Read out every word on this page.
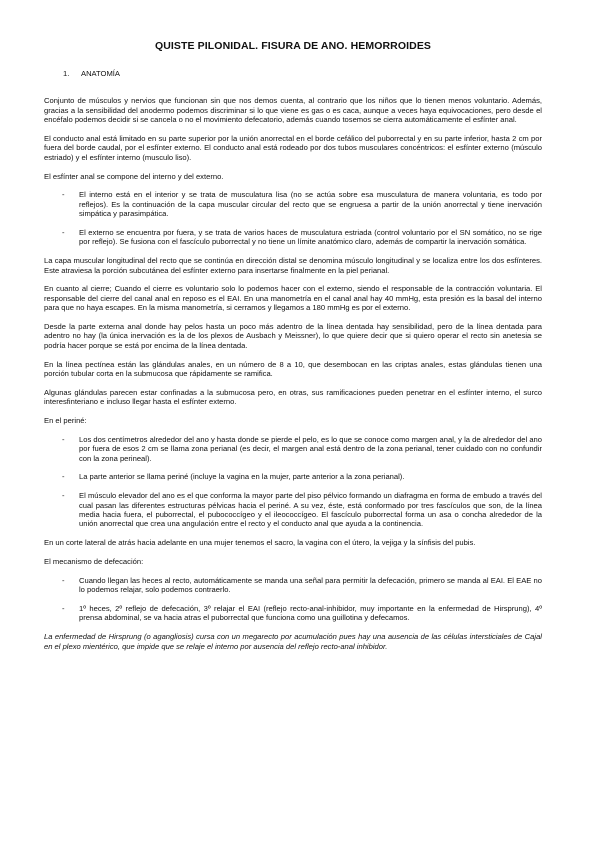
QUISTE PILONIDAL. FISURA DE ANO. HEMORROIDES
1. ANATOMÍA

Conjunto de músculos y nervios que funcionan sin que nos demos cuenta, al contrario que los niños que lo tienen menos voluntario. Además, gracias a la sensibilidad del anodermo podemos discriminar si lo que viene es gas o es caca, aunque a veces haya equivocaciones, pero desde el encéfalo podemos decidir si se cancela o no el movimiento defecatorio, además cuando tosemos se cierra automáticamente el esfínter anal.

El conducto anal está limitado en su parte superior por la unión anorrectal en el borde cefálico del puborrectal y en su parte inferior, hasta 2 cm por fuera del borde caudal, por el esfínter externo. El conducto anal está rodeado por dos tubos musculares concéntricos: el esfínter externo (músculo estriado) y el esfínter interno (musculo liso).

El esfínter anal se compone del interno y del externo.

- El interno está en el interior y se trata de musculatura lisa (no se actúa sobre esa musculatura de manera voluntaria, es todo por reflejos). Es la continuación de la capa muscular circular del recto que se engruesa a partir de la unión anorrectal y tiene inervación simpática y parasimpática.
- El externo se encuentra por fuera, y se trata de varios haces de musculatura estriada (control voluntario por el SN somático, no se rige por reflejo). Se fusiona con el fascículo puborrectal y no tiene un límite anatómico claro, además de compartir la inervación somática.

La capa muscular longitudinal del recto que se continúa en dirección distal se denomina músculo longitudinal y se localiza entre los dos esfínteres. Este atraviesa la porción subcutánea del esfínter externo para insertarse finalmente en la piel perianal.

En cuanto al cierre; Cuando el cierre es voluntario solo lo podemos hacer con el externo, siendo el responsable de la contracción voluntaria. El responsable del cierre del canal anal en reposo es el EAI. En una manometría en el canal anal hay 40 mmHg, esta presión es la basal del interno para que no haya escapes. En la misma manometría, si cerramos y llegamos a 180 mmHg es por el externo.

Desde la parte externa anal donde hay pelos hasta un poco más adentro de la línea dentada hay sensibilidad, pero de la línea dentada para adentro no hay (la única inervación es la de los plexos de Ausbach y Meissner), lo que quiere decir que si quiero operar el recto sin anetesia se podría hacer porque se está por encima de la línea dentada.

En la línea pectínea están las glándulas anales, en un número de 8 a 10, que desembocan en las criptas anales, estas glándulas tienen una porción tubular corta en la submucosa que rápidamente se ramifica.

Algunas glándulas parecen estar confinadas a la submucosa pero, en otras, sus ramificaciones pueden penetrar en el esfínter interno, el surco interesfinteriano e incluso llegar hasta el esfínter externo.

En el periné:

- Los dos centímetros alrededor del ano y hasta donde se pierde el pelo, es lo que se conoce como margen anal, y la de alrededor del ano por fuera de esos 2 cm se llama zona perianal (es decir, el margen anal está dentro de la zona perianal, tener cuidado con no confundir con la zona perineal).
- La parte anterior se llama periné (incluye la vagina en la mujer, parte anterior a la zona perianal).
- El músculo elevador del ano es el que conforma la mayor parte del piso pélvico formando un diafragma en forma de embudo a través del cual pasan las diferentes estructuras pélvicas hacia el periné. A su vez, éste, está conformado por tres fascículos que son, de la línea media hacia fuera, el puborrectal, el pubococcígeo y el ileococcígeo. El fascículo puborrectal forma un asa o concha alrededor de la unión anorrectal que crea una angulación entre el recto y el conducto anal que ayuda a la continencia.

En un corte lateral de atrás hacia adelante en una mujer tenemos el sacro, la vagina con el útero, la vejiga y la sínfisis del pubis.

El mecanismo de defecación:

- Cuando llegan las heces al recto, automáticamente se manda una señal para permitir la defecación, primero se manda al EAI. El EAE no lo podemos relajar, solo podemos contraerlo.
- 1º heces, 2º reflejo de defecación, 3º relajar el EAI (reflejo recto-anal-inhibidor, muy importante en la enfermedad de Hirsprung), 4º prensa abdominal, se va hacia atras el puborrectal que funciona como una guillotina y defecamos.

La enfermedad de Hirsprung (o agangliosis) cursa con un megarecto por acumulación pues hay una ausencia de las células intersticiales de Cajal en el plexo mientérico, que impide que se relaje el interno por ausencia del reflejo recto-anal inhibidor.
